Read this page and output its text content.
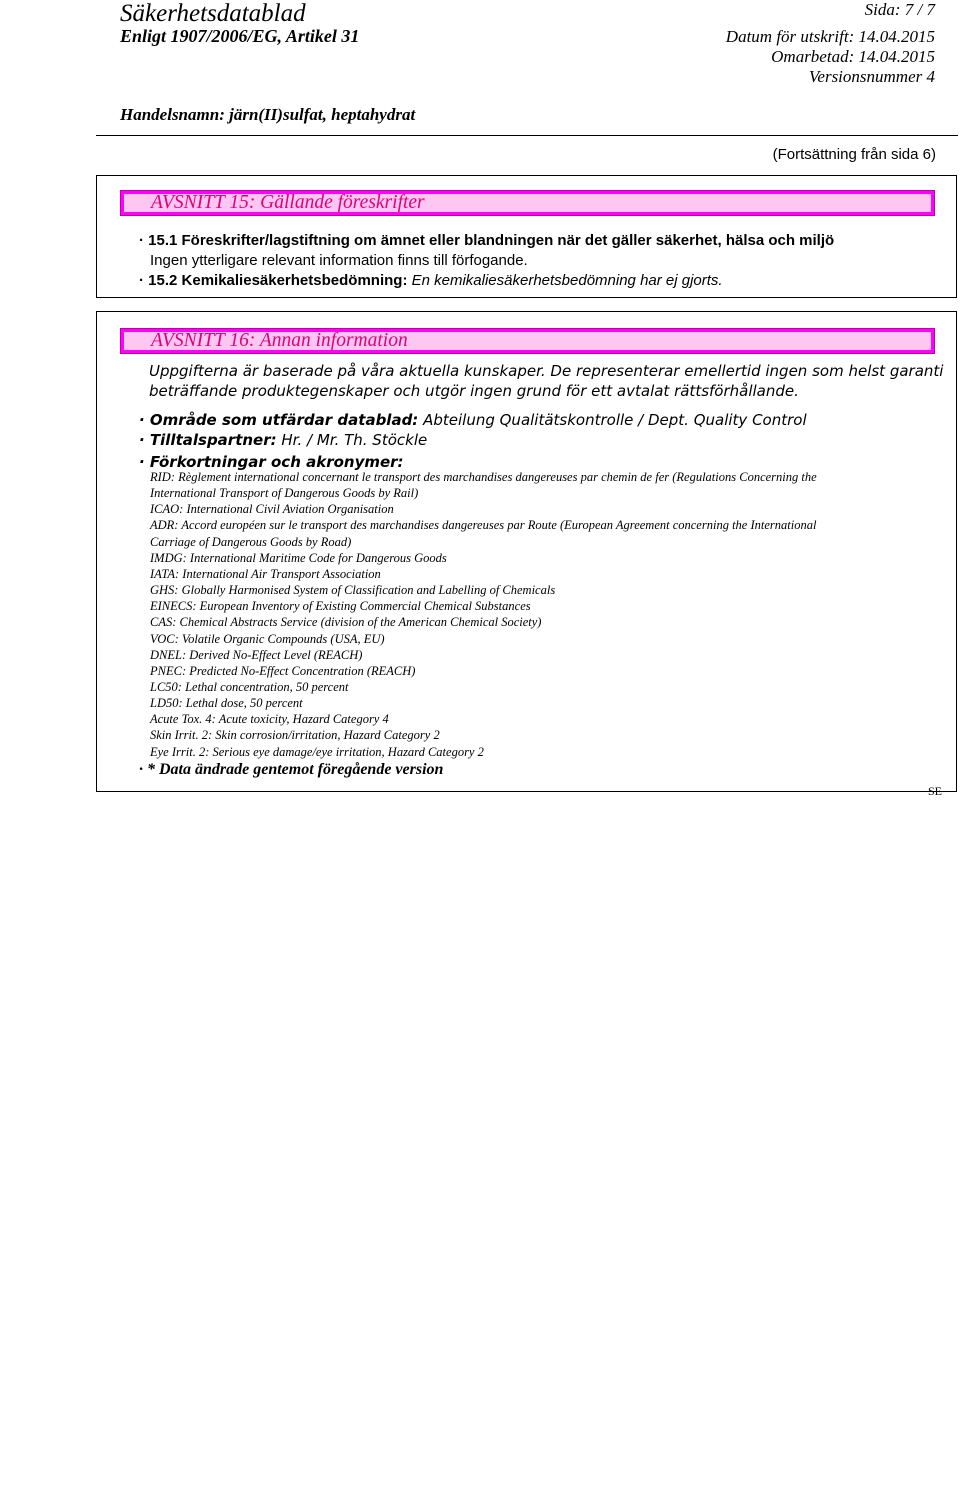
Säkerhetsdatablad
Enligt 1907/2006/EG, Artikel 31
Sida: 7 / 7
Datum för utskrift: 14.04.2015
Omarbetad: 14.04.2015
Versionsnummer 4
Handelsnamn: järn(II)sulfat, heptahydrat
(Fortsättning från sida 6)
AVSNITT 15: Gällande föreskrifter
· 15.1 Föreskrifter/lagstiftning om ämnet eller blandningen när det gäller säkerhet, hälsa och miljö
Ingen ytterligare relevant information finns till förfogande.
· 15.2 Kemikaliesäkerhetsbedömning: En kemikaliesäkerhetsbedömning har ej gjorts.
AVSNITT 16: Annan information
Uppgifterna är baserade på våra aktuella kunskaper. De representerar emellertid ingen som helst garanti
beträffande produktegenskaper och utgör ingen grund för ett avtalat rättsförhållande.
· Område som utfärdar datablad: Abteilung Qualitätskontrolle / Dept. Quality Control
· Tilltalspartner: Hr. / Mr. Th. Stöckle
· Förkortningar och akronymer:
RID: Règlement international concernant le transport des marchandises dangereuses par chemin de fer (Regulations Concerning the
International Transport of Dangerous Goods by Rail)
ICAO: International Civil Aviation Organisation
ADR: Accord européen sur le transport des marchandises dangereuses par Route (European Agreement concerning the International
Carriage of Dangerous Goods by Road)
IMDG: International Maritime Code for Dangerous Goods
IATA: International Air Transport Association
GHS: Globally Harmonised System of Classification and Labelling of Chemicals
EINECS: European Inventory of Existing Commercial Chemical Substances
CAS: Chemical Abstracts Service (division of the American Chemical Society)
VOC: Volatile Organic Compounds (USA, EU)
DNEL: Derived No-Effect Level (REACH)
PNEC: Predicted No-Effect Concentration (REACH)
LC50: Lethal concentration, 50 percent
LD50: Lethal dose, 50 percent
Acute Tox. 4: Acute toxicity, Hazard Category 4
Skin Irrit. 2: Skin corrosion/irritation, Hazard Category 2
Eye Irrit. 2: Serious eye damage/eye irritation, Hazard Category 2
· * Data ändrade gentemot föregående version
SE
